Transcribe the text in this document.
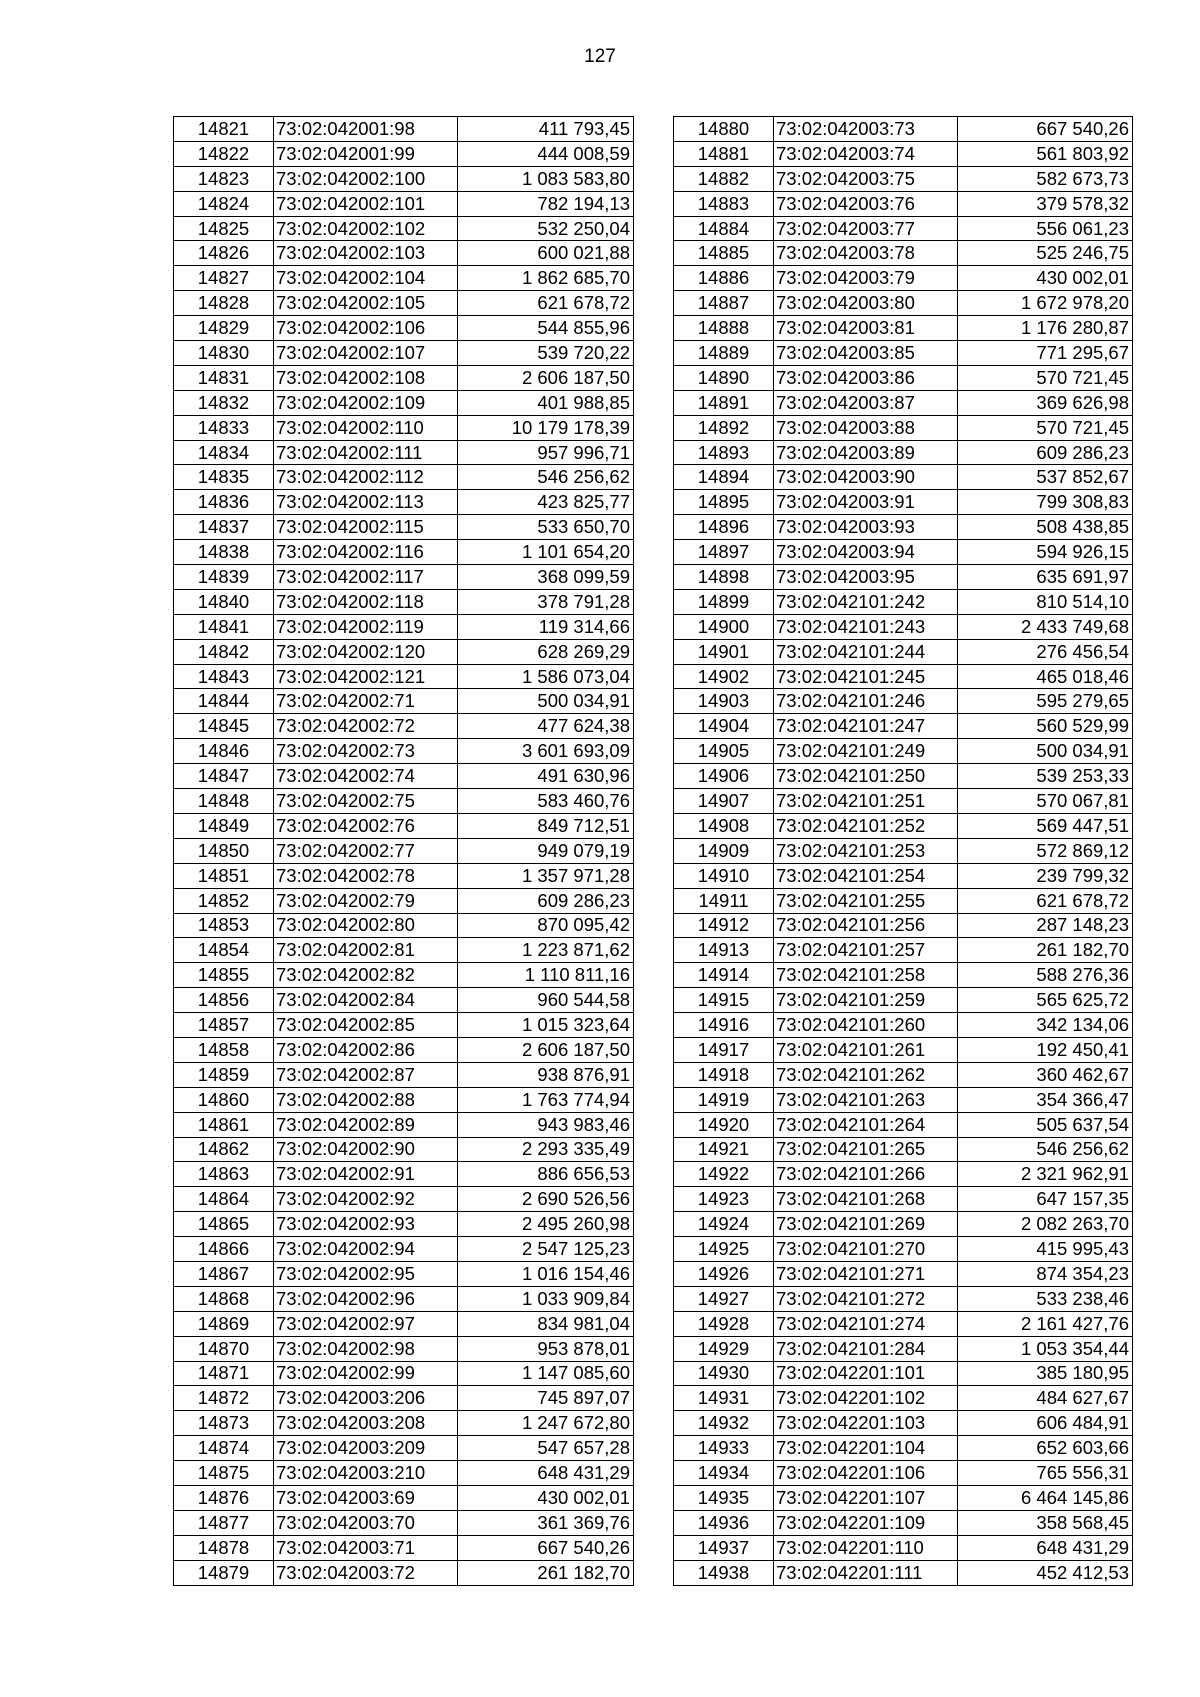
127
14821	73:02:042001:98	411 793,45
14822	73:02:042001:99	444 008,59
14823	73:02:042002:100	1 083 583,80
14824	73:02:042002:101	782 194,13
14825	73:02:042002:102	532 250,04
14826	73:02:042002:103	600 021,88
14827	73:02:042002:104	1 862 685,70
14828	73:02:042002:105	621 678,72
14829	73:02:042002:106	544 855,96
14830	73:02:042002:107	539 720,22
14831	73:02:042002:108	2 606 187,50
14832	73:02:042002:109	401 988,85
14833	73:02:042002:110	10 179 178,39
14834	73:02:042002:111	957 996,71
14835	73:02:042002:112	546 256,62
14836	73:02:042002:113	423 825,77
14837	73:02:042002:115	533 650,70
14838	73:02:042002:116	1 101 654,20
14839	73:02:042002:117	368 099,59
14840	73:02:042002:118	378 791,28
14841	73:02:042002:119	119 314,66
14842	73:02:042002:120	628 269,29
14843	73:02:042002:121	1 586 073,04
14844	73:02:042002:71	500 034,91
14845	73:02:042002:72	477 624,38
14846	73:02:042002:73	3 601 693,09
14847	73:02:042002:74	491 630,96
14848	73:02:042002:75	583 460,76
14849	73:02:042002:76	849 712,51
14850	73:02:042002:77	949 079,19
14851	73:02:042002:78	1 357 971,28
14852	73:02:042002:79	609 286,23
14853	73:02:042002:80	870 095,42
14854	73:02:042002:81	1 223 871,62
14855	73:02:042002:82	1 110 811,16
14856	73:02:042002:84	960 544,58
14857	73:02:042002:85	1 015 323,64
14858	73:02:042002:86	2 606 187,50
14859	73:02:042002:87	938 876,91
14860	73:02:042002:88	1 763 774,94
14861	73:02:042002:89	943 983,46
14862	73:02:042002:90	2 293 335,49
14863	73:02:042002:91	886 656,53
14864	73:02:042002:92	2 690 526,56
14865	73:02:042002:93	2 495 260,98
14866	73:02:042002:94	2 547 125,23
14867	73:02:042002:95	1 016 154,46
14868	73:02:042002:96	1 033 909,84
14869	73:02:042002:97	834 981,04
14870	73:02:042002:98	953 878,01
14871	73:02:042002:99	1 147 085,60
14872	73:02:042003:206	745 897,07
14873	73:02:042003:208	1 247 672,80
14874	73:02:042003:209	547 657,28
14875	73:02:042003:210	648 431,29
14876	73:02:042003:69	430 002,01
14877	73:02:042003:70	361 369,76
14878	73:02:042003:71	667 540,26
14879	73:02:042003:72	261 182,70
14880	73:02:042003:73	667 540,26
14881	73:02:042003:74	561 803,92
14882	73:02:042003:75	582 673,73
14883	73:02:042003:76	379 578,32
14884	73:02:042003:77	556 061,23
14885	73:02:042003:78	525 246,75
14886	73:02:042003:79	430 002,01
14887	73:02:042003:80	1 672 978,20
14888	73:02:042003:81	1 176 280,87
14889	73:02:042003:85	771 295,67
14890	73:02:042003:86	570 721,45
14891	73:02:042003:87	369 626,98
14892	73:02:042003:88	570 721,45
14893	73:02:042003:89	609 286,23
14894	73:02:042003:90	537 852,67
14895	73:02:042003:91	799 308,83
14896	73:02:042003:93	508 438,85
14897	73:02:042003:94	594 926,15
14898	73:02:042003:95	635 691,97
14899	73:02:042101:242	810 514,10
14900	73:02:042101:243	2 433 749,68
14901	73:02:042101:244	276 456,54
14902	73:02:042101:245	465 018,46
14903	73:02:042101:246	595 279,65
14904	73:02:042101:247	560 529,99
14905	73:02:042101:249	500 034,91
14906	73:02:042101:250	539 253,33
14907	73:02:042101:251	570 067,81
14908	73:02:042101:252	569 447,51
14909	73:02:042101:253	572 869,12
14910	73:02:042101:254	239 799,32
14911	73:02:042101:255	621 678,72
14912	73:02:042101:256	287 148,23
14913	73:02:042101:257	261 182,70
14914	73:02:042101:258	588 276,36
14915	73:02:042101:259	565 625,72
14916	73:02:042101:260	342 134,06
14917	73:02:042101:261	192 450,41
14918	73:02:042101:262	360 462,67
14919	73:02:042101:263	354 366,47
14920	73:02:042101:264	505 637,54
14921	73:02:042101:265	546 256,62
14922	73:02:042101:266	2 321 962,91
14923	73:02:042101:268	647 157,35
14924	73:02:042101:269	2 082 263,70
14925	73:02:042101:270	415 995,43
14926	73:02:042101:271	874 354,23
14927	73:02:042101:272	533 238,46
14928	73:02:042101:274	2 161 427,76
14929	73:02:042101:284	1 053 354,44
14930	73:02:042201:101	385 180,95
14931	73:02:042201:102	484 627,67
14932	73:02:042201:103	606 484,91
14933	73:02:042201:104	652 603,66
14934	73:02:042201:106	765 556,31
14935	73:02:042201:107	6 464 145,86
14936	73:02:042201:109	358 568,45
14937	73:02:042201:110	648 431,29
14938	73:02:042201:111	452 412,53
